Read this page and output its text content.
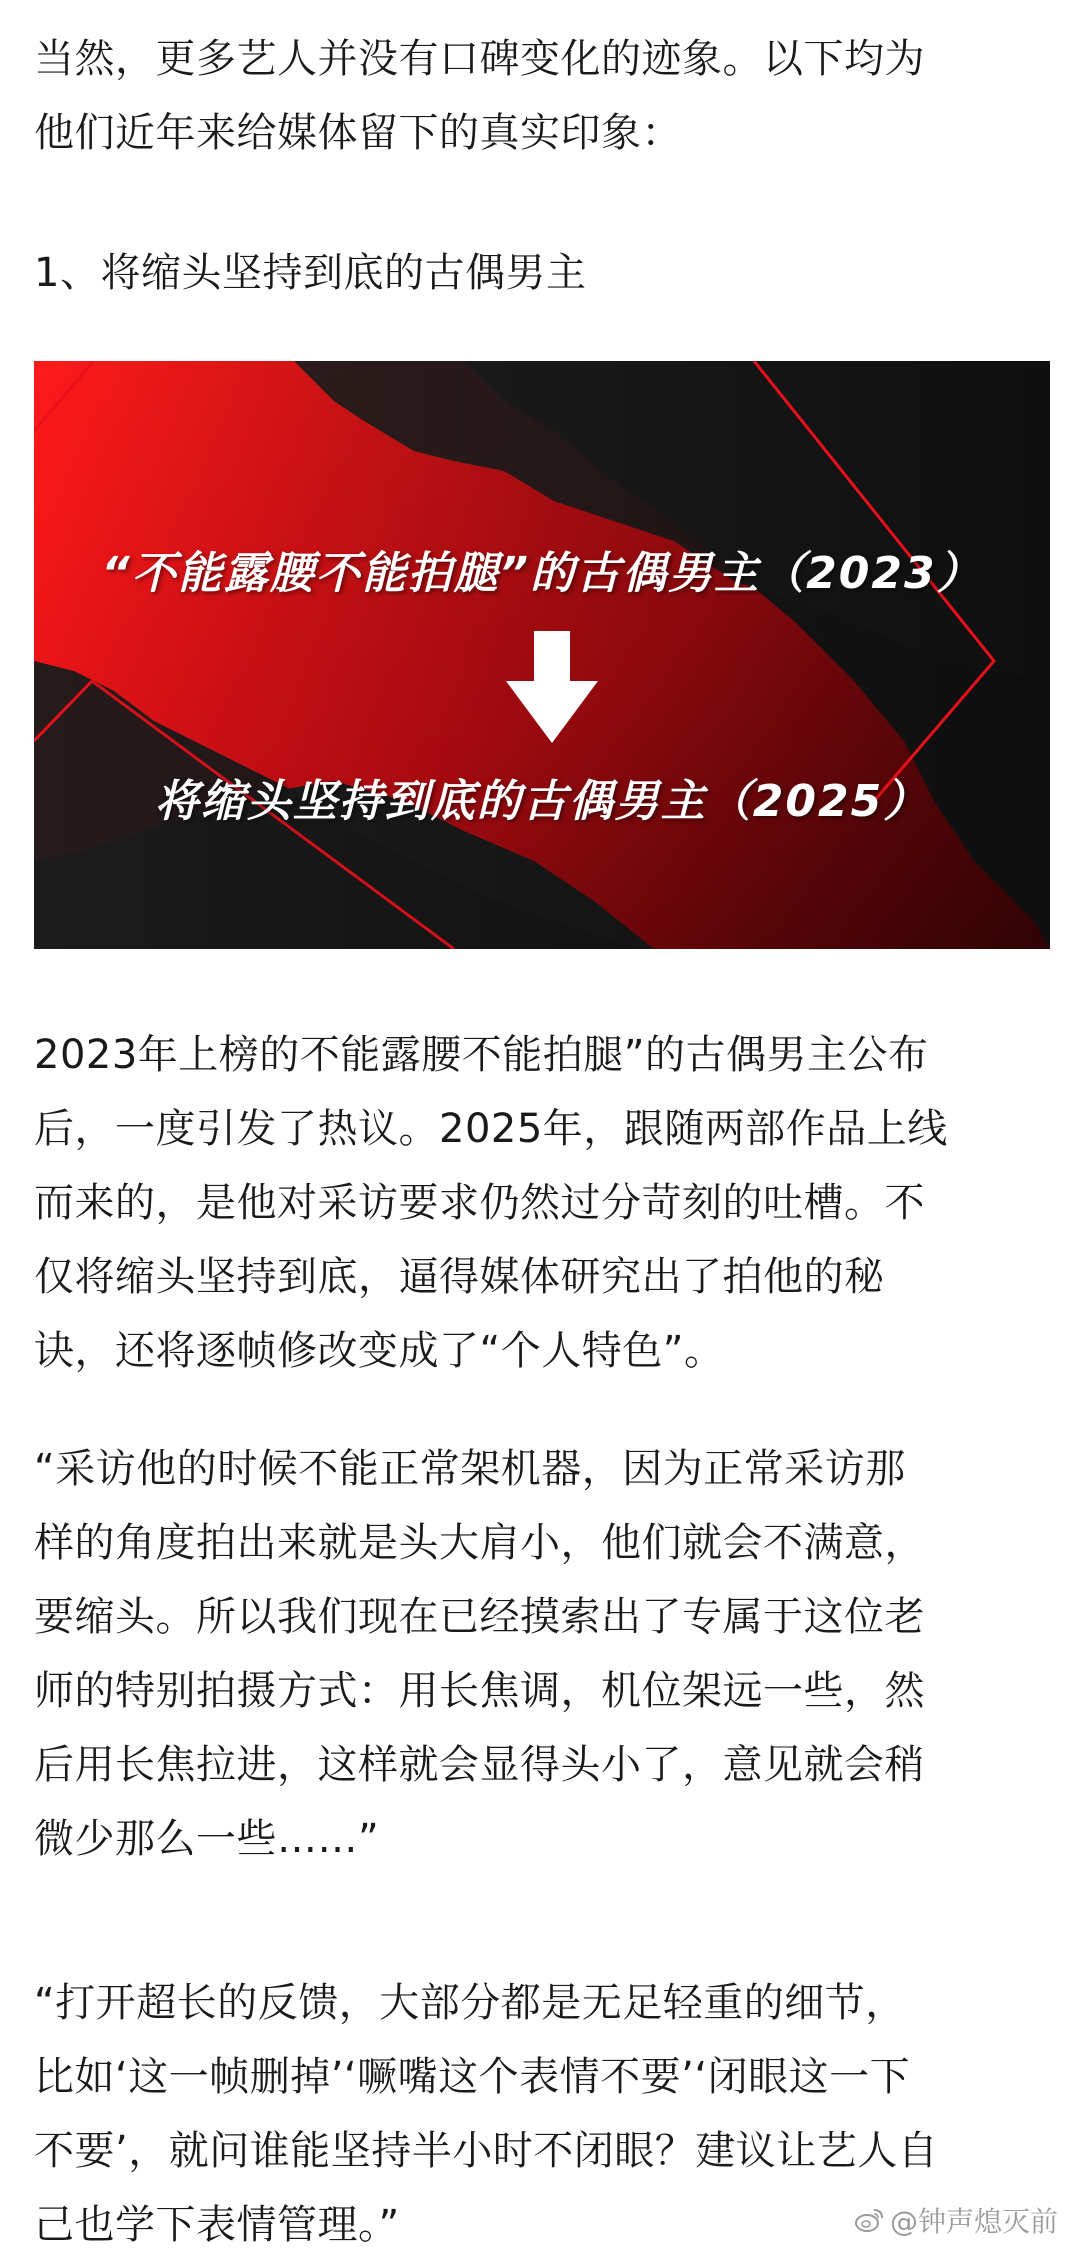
当然，更多艺人并没有口碑变化的迹象。以下均为
他们近年来给媒体留下的真实印象：
1、将缩头坚持到底的古偶男主
“不能露腰不能拍腿”的古偶男主（2023）
将缩头坚持到底的古偶男主（2025）
2023年上榜的不能露腰不能拍腿”的古偶男主公布
后，一度引发了热议。2025年，跟随两部作品上线
而来的，是他对采访要求仍然过分苛刻的吐槽。不
仅将缩头坚持到底，逼得媒体研究出了拍他的秘
诀，还将逐帧修改变成了“个人特色”。
“采访他的时候不能正常架机器，因为正常采访那
样的角度拍出来就是头大肩小，他们就会不满意，
要缩头。所以我们现在已经摸索出了专属于这位老
师的特别拍摄方式：用长焦调，机位架远一些，然
后用长焦拉进，这样就会显得头小了，意见就会稍
微少那么一些……”
“打开超长的反馈，大部分都是无足轻重的细节，
比如‘这一帧删掉’‘噘嘴这个表情不要’‘闭眼这一下
不要’，就问谁能坚持半小时不闭眼？建议让艺人自
己也学下表情管理。”	@钟声熄灭前
